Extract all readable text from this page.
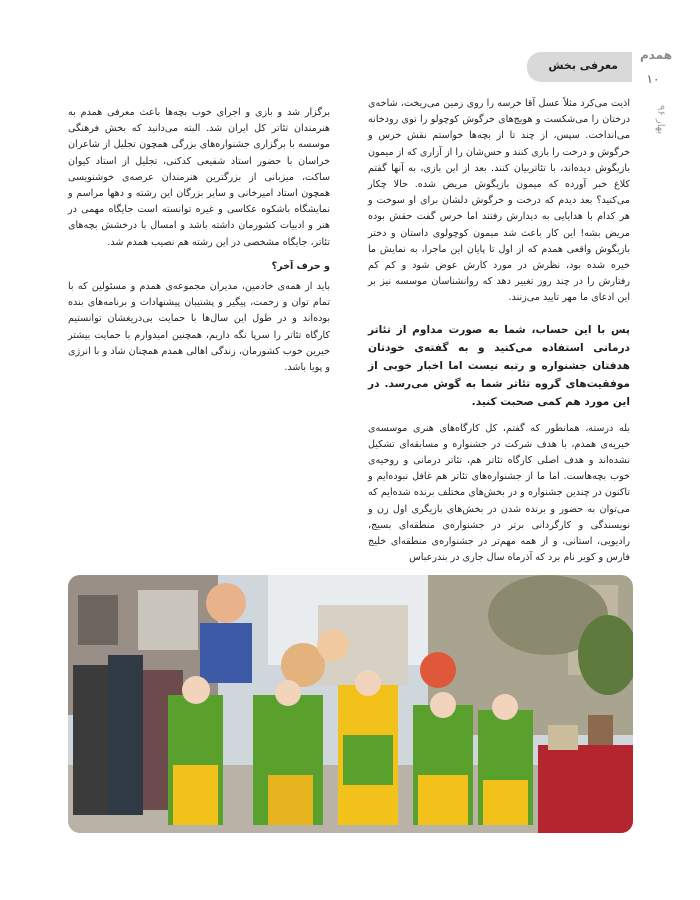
معرفی بخش
همدم
۱۰
بهار ۹۶

اذیت می‌کرد مثلاً عسل آقا خرسه را روی زمین می‌ریخت، شاخه‌ی درختان را می‌شکست و هویج‌های خرگوش کوچولو را توی رودخانه می‌انداخت. سپس، از چند تا از بچه‌ها خواستم نقش خرس و خرگوش و درخت را بازی کنند و حس‌شان را از آزاری که از میمون بازیگوش دیده‌اند، با تئاتربیان کنند. بعد از این بازی، به آنها گفتم کلاغ خبر آورده که میمون بازیگوش مریض شده. حالا چکار می‌کنید؟ بعد دیدم که درخت و خرگوش دلشان برای او سوخت و هر کدام با هدایایی به دیدارش رفتند اما خرس گفت حقش بوده مریض بشه! این کار باعث شد میمون کوچولوی داستان و دختر بازیگوش واقعی همدم که از اول تا پایان این ماجرا، به نمایش ما خیره شده بود، نظرش در مورد کارش عوض شود و کم کم رفتارش را در چند روز تغییر دهد که روانشناسان موسسه نیز بر این ادعای ما مهر تایید می‌زنند.

پس با این حساب، شما به صورت مداوم از تئاتر درمانی استفاده می‌کنید و به گفته‌ی خودتان هدفتان جشنواره و رتبه نیست اما اخبار خوبی از موفقیت‌های گروه تئاتر شما به گوش می‌رسد. در این مورد هم کمی صحبت کنید.

بله درسته، همانطور که گفتم، کل کارگاه‌های هنری موسسه‌ی خیریه‌ی همدم، با هدف شرکت در جشنواره و مسابقه‌ای تشکیل نشده‌اند و هدف اصلی کارگاه تئاتر هم، تئاتر درمانی و روحیه‌ی خوب بچه‌هاست. اما ما از جشنواره‌های تئاتر هم غافل نبوده‌ایم و تاکنون در چندین جشنواره و در بخش‌های مختلف برنده شده‌ایم که می‌توان به حضور و برنده شدن در بخش‌های بازیگری اول زن و نویسندگی و کارگردانی برتر در جشنواره‌ی منطقه‌ای بسیج، رادیویی، استانی، و از همه مهم‌تر در جشنواره‌ی منطقه‌ای خلیج فارس و کویر نام برد که آذرماه سال جاری در بندرعباس

برگزار شد و بازی و اجرای خوب بچه‌ها باعث معرفی همدم به هنرمندان تئاتر کل ایران شد. البته می‌دانید که بخش فرهنگی موسسه با برگزاری جشنواره‌های بزرگی همچون تجلیل از شاعران خراسان با حضور استاد شفیعی کدکنی، تجلیل از استاد کیوان ساکت، میزبانی از بزرگترین هنرمندان عرصه‌ی خوشنویسی همچون استاد امیرخانی و سایر بزرگان این رشته و دهها مراسم و نمایشگاه باشکوه عکاسی و غیره توانسته است جایگاه مهمی در هنر و ادبیات کشورمان داشته باشد و امسال با درخشش بچه‌های تئاتر، جایگاه مشخصی در این رشته هم نصیب همدم شد.

و حرف آخر؟

باید از همه‌ی خادمین، مدیران مجموعه‌ی همدم و مسئولین که با تمام توان و زحمت، پیگیر و پشتیبان پیشنهادات و برنامه‌های بنده بوده‌اند و در طول این سال‌ها با حمایت بی‌دریغشان توانستیم کارگاه تئاتر را سرپا نگه داریم، همچنین امیدوارم با حمایت بیشتر خیرین خوب کشورمان، زندگی اهالی همدم همچنان شاد و با انرژی و پویا باشد.
